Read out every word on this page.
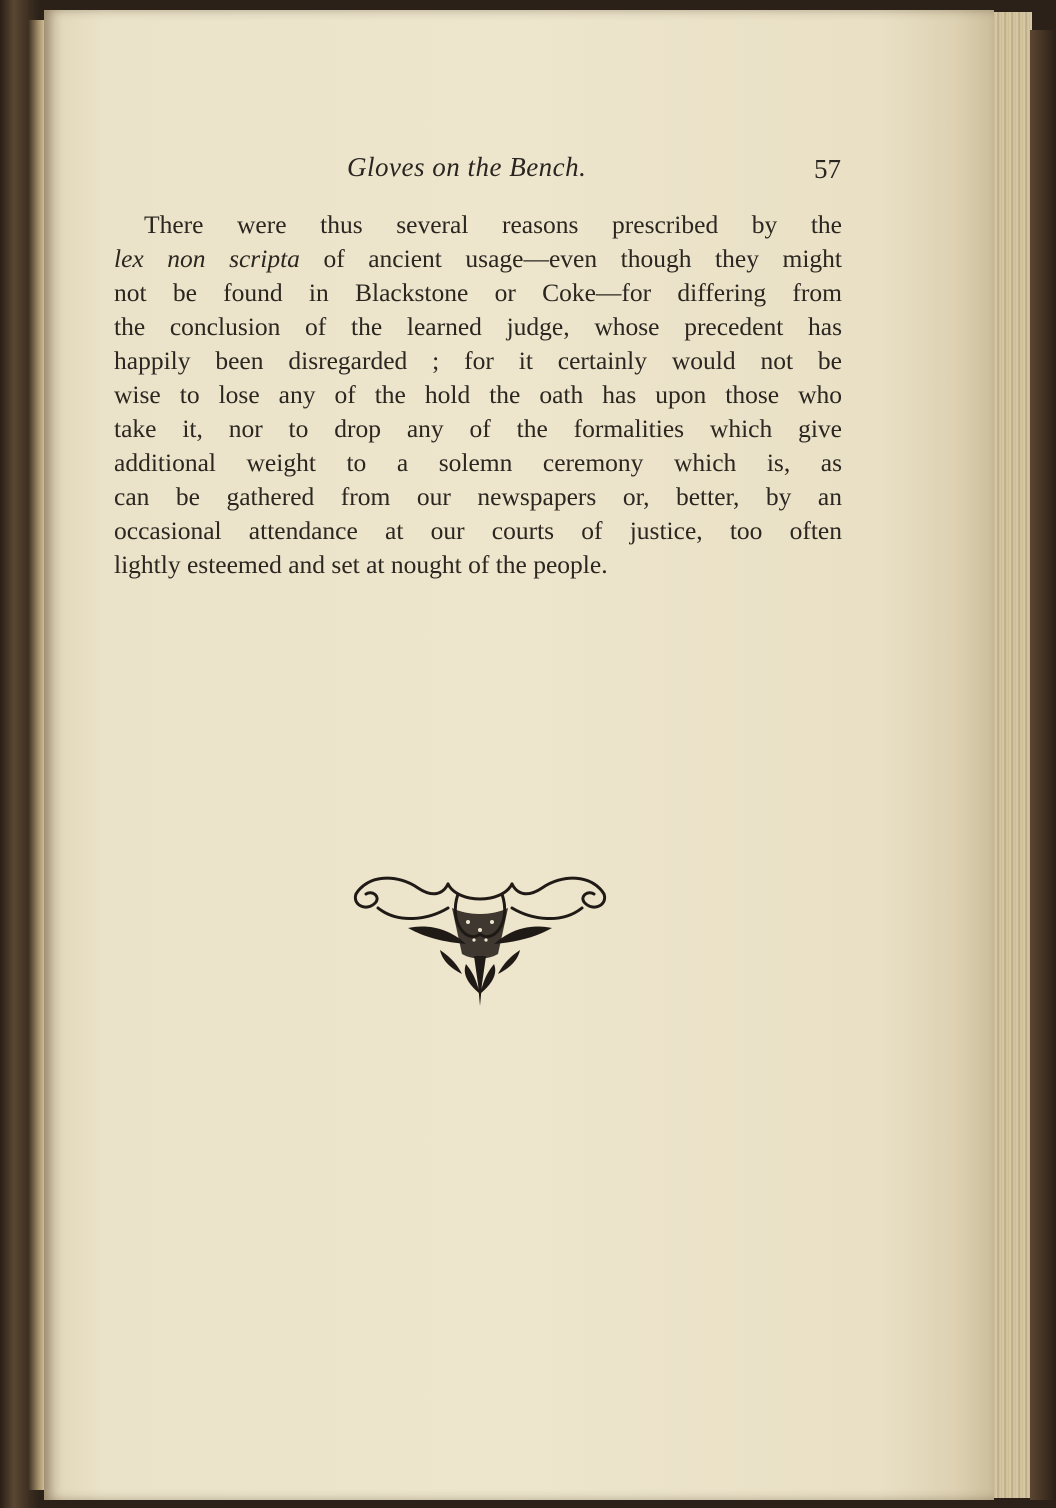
Gloves on the Bench.	57
There were thus several reasons prescribed by the
lex non scripta of ancient usage—even though they might
not be found in Blackstone or Coke—for differing from
the conclusion of the learned judge, whose precedent has
happily been disregarded ; for it certainly would not be
wise to lose any of the hold the oath has upon those who
take it, nor to drop any of the formalities which give
additional weight to a solemn ceremony which is, as
can be gathered from our newspapers or, better, by an
occasional attendance at our courts of justice, too often
lightly esteemed and set at nought of the people.
